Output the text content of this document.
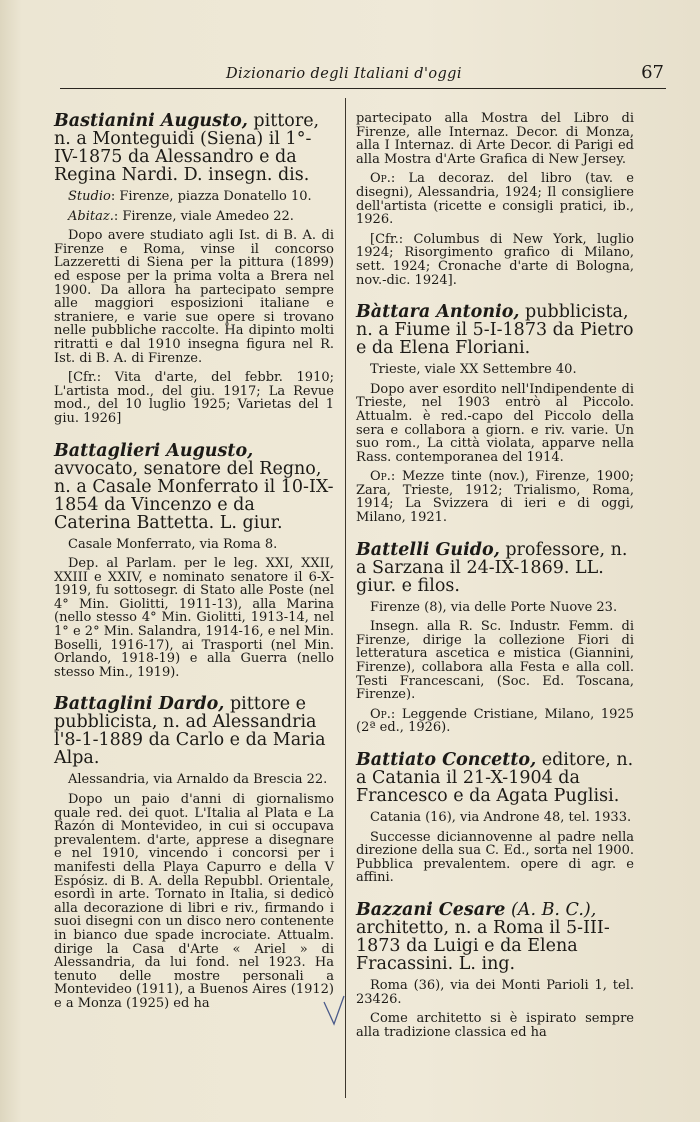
Dizionario degli Italiani d'oggi	67

Bastianini Augusto, pittore, n. a Monteguidi (Siena) il 1°-IV-1875 da Alessandro e da Regina Nardi. D. insegn. dis.

Studio: Firenze, piazza Donatello 10.

Abitaz.: Firenze, viale Amedeo 22.

Dopo avere studiato agli Ist. di B. A. di Firenze e Roma, vinse il concorso Lazzeretti di Siena per la pittura (1899) ed espose per la prima volta a Brera nel 1900. Da allora ha partecipato sempre alle maggiori esposizioni italiane e straniere, e varie sue opere si trovano nelle pubbliche raccolte. Ha dipinto molti ritratti e dal 1910 insegna figura nel R. Ist. di B. A. di Firenze.

[Cfr.: Vita d'arte, del febbr. 1910; L'artista mod., del giu. 1917; La Revue mod., del 10 luglio 1925; Varietas del 1 giu. 1926]

Battaglieri Augusto, avvocato, senatore del Regno, n. a Casale Monferrato il 10-IX-1854 da Vincenzo e da Caterina Battetta. L. giur.

Casale Monferrato, via Roma 8.

Dep. al Parlam. per le leg. XXI, XXII, XXIII e XXIV, e nominato senatore il 6-X-1919, fu sottosegr. di Stato alle Poste (nel 4° Min. Giolitti, 1911-13), alla Marina (nello stesso 4° Min. Giolitti, 1913-14, nel 1° e 2° Min. Salandra, 1914-16, e nel Min. Boselli, 1916-17), ai Trasporti (nel Min. Orlando, 1918-19) e alla Guerra (nello stesso Min., 1919).

Battaglini Dardo, pittore e pubblicista, n. ad Alessandria l'8-1-1889 da Carlo e da Maria Alpa.

Alessandria, via Arnaldo da Brescia 22.

Dopo un paio d'anni di giornalismo quale red. dei quot. L'Italia al Plata e La Razón di Montevideo, in cui si occupava prevalentem. d'arte, apprese a disegnare e nel 1910, vincendo i concorsi per i manifesti della Playa Capurro e della V Espósiz. di B. A. della Repubbl. Orientale, esordì in arte. Tornato in Italia, si dedicò alla decorazione di libri e riv., firmando i suoi disegni con un disco nero contenente in bianco due spade incrociate. Attualm. dirige la Casa d'Arte « Ariel » di Alessandria, da lui fond. nel 1923. Ha tenuto delle mostre personali a Montevideo (1911), a Buenos Aires (1912) e a Monza (1925) ed ha

partecipato alla Mostra del Libro di Firenze, alle Internaz. Decor. di Monza, alla I Internaz. di Arte Decor. di Parigi ed alla Mostra d'Arte Grafica di New Jersey.

Op.: La decoraz. del libro (tav. e disegni), Alessandria, 1924; Il consigliere dell'artista (ricette e consigli pratici, ib., 1926.

[Cfr.: Columbus di New York, luglio 1924; Risorgimento grafico di Milano, sett. 1924; Cronache d'arte di Bologna, nov.-dic. 1924].

Bàttara Antonio, pubblicista, n. a Fiume il 5-I-1873 da Pietro e da Elena Floriani.

Trieste, viale XX Settembre 40.

Dopo aver esordito nell'Indipendente di Trieste, nel 1903 entrò al Piccolo. Attualm. è red.-capo del Piccolo della sera e collabora a giorn. e riv. varie. Un suo rom., La città violata, apparve nella Rass. contemporanea del 1914.

Op.: Mezze tinte (nov.), Firenze, 1900; Zara, Trieste, 1912; Trialismo, Roma, 1914; La Svizzera di ieri e di oggi, Milano, 1921.

Battelli Guido, professore, n. a Sarzana il 24-IX-1869. LL. giur. e filos.

Firenze (8), via delle Porte Nuove 23.

Insegn. alla R. Sc. Industr. Femm. di Firenze, dirige la collezione Fiori di letteratura ascetica e mistica (Giannini, Firenze), collabora alla Festa e alla coll. Testi Francescani, (Soc. Ed. Toscana, Firenze).

Op.: Leggende Cristiane, Milano, 1925 (2ª ed., 1926).

Battiato Concetto, editore, n. a Catania il 21-X-1904 da Francesco e da Agata Puglisi.

Catania (16), via Androne 48, tel. 1933.

Successe diciannovenne al padre nella direzione della sua C. Ed., sorta nel 1900. Pubblica prevalentem. opere di agr. e affini.

Bazzani Cesare (A. B. C.), architetto, n. a Roma il 5-III-1873 da Luigi e da Elena Fracassini. L. ing.

Roma (36), via dei Monti Parioli 1, tel. 23426.

Come architetto si è ispirato sempre alla tradizione classica ed ha
